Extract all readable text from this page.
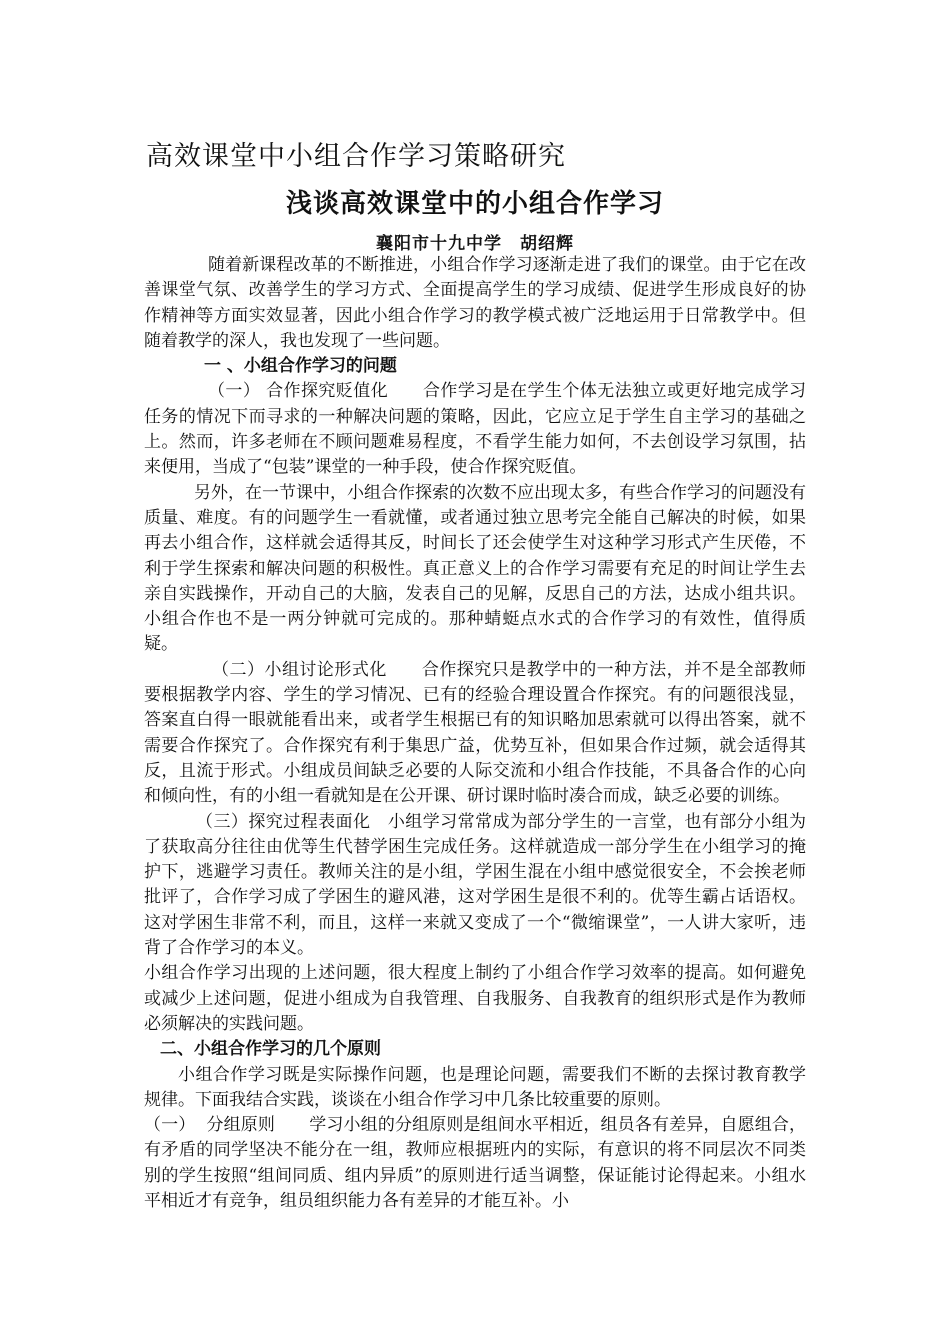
高效课堂中小组合作学习策略研究
浅谈高效课堂中的小组合作学习
襄阳市十九中学　胡绍辉

随着新课程改革的不断推进，小组合作学习逐渐走进了我们的课堂。由于它在改善课堂气氛、改善学生的学习方式、全面提高学生的学习成绩、促进学生形成良好的协作精神等方面实效显著，因此小组合作学习的教学模式被广泛地运用于日常教学中。但随着教学的深人，我也发现了一些问题。

一 、小组合作学习的问题

（一） 合作探究贬值化　　合作学习是在学生个体无法独立或更好地完成学习任务的情况下而寻求的一种解决问题的策略，因此，它应立足于学生自主学习的基础之上。然而，许多老师在不顾问题难易程度，不看学生能力如何，不去创设学习氛围，拈来便用，当成了“包装”课堂的一种手段，使合作探究贬值。

另外，在一节课中，小组合作探索的次数不应出现太多，有些合作学习的问题没有质量、难度。有的问题学生一看就懂，或者通过独立思考完全能自己解决的时候，如果再去小组合作，这样就会适得其反，时间长了还会使学生对这种学习形式产生厌倦，不利于学生探索和解决问题的积极性。真正意义上的合作学习需要有充足的时间让学生去亲自实践操作，开动自己的大脑，发表自己的见解，反思自己的方法，达成小组共识。小组合作也不是一两分钟就可完成的。那种蜻蜓点水式的合作学习的有效性，值得质疑。

（二）小组讨论形式化　　合作探究只是教学中的一种方法，并不是全部教师要根据教学内容、学生的学习情况、已有的经验合理设置合作探究。有的问题很浅显，答案直白得一眼就能看出来，或者学生根据已有的知识略加思索就可以得出答案，就不需要合作探究了。合作探究有利于集思广益，优势互补，但如果合作过频，就会适得其反，且流于形式。小组成员间缺乏必要的人际交流和小组合作技能，不具备合作的心向和倾向性，有的小组一看就知是在公开课、研讨课时临时凑合而成，缺乏必要的训练。

（三）探究过程表面化　小组学习常常成为部分学生的一言堂，也有部分小组为了获取高分往往由优等生代替学困生完成任务。这样就造成一部分学生在小组学习的掩护下，逃避学习责任。教师关注的是小组，学困生混在小组中感觉很安全，不会挨老师批评了，合作学习成了学困生的避风港，这对学困生是很不利的。优等生霸占话语权。这对学困生非常不利，而且，这样一来就又变成了一个“微缩课堂”，一人讲大家听，违背了合作学习的本义。

小组合作学习出现的上述问题，很大程度上制约了小组合作学习效率的提高。如何避免或减少上述问题，促进小组成为自我管理、自我服务、自我教育的组织形式是作为教师必须解决的实践问题。

二、小组合作学习的几个原则

小组合作学习既是实际操作问题，也是理论问题，需要我们不断的去探讨教育教学规律。下面我结合实践，谈谈在小组合作学习中几条比较重要的原则。

（一）  分组原则　　学习小组的分组原则是组间水平相近，组员各有差异，自愿组合，有矛盾的同学坚决不能分在一组，教师应根据班内的实际，有意识的将不同层次不同类别的学生按照“组间同质、组内异质”的原则进行适当调整，保证能讨论得起来。小组水平相近才有竞争，组员组织能力各有差异的才能互补。小
